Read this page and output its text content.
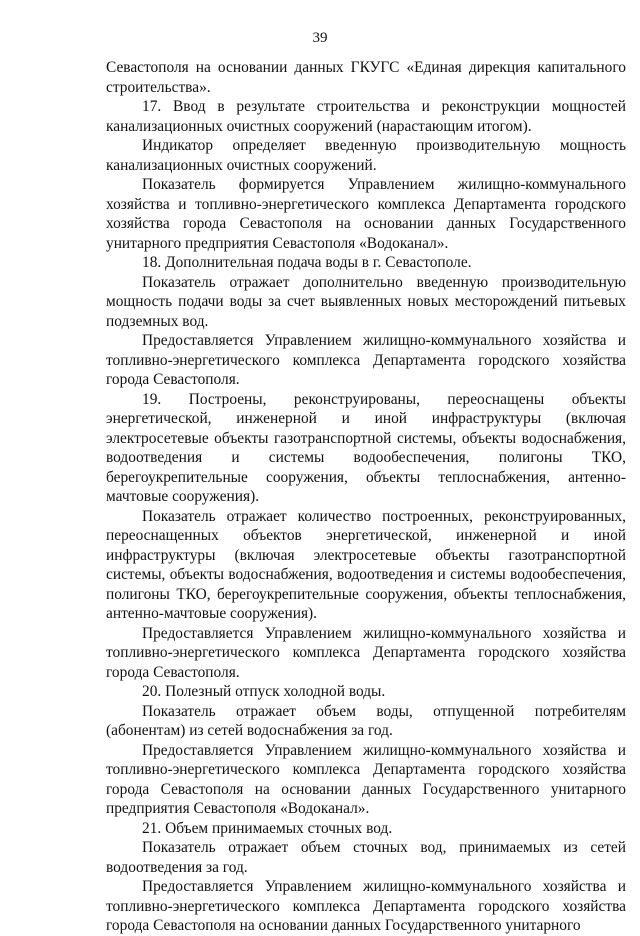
39

Севастополя на основании данных ГКУГС «Единая дирекция капитального строительства».

17. Ввод в результате строительства и реконструкции мощностей канализационных очистных сооружений (нарастающим итогом).

Индикатор определяет введенную производительную мощность канализационных очистных сооружений.

Показатель формируется Управлением жилищно-коммунального хозяйства и топливно-энергетического комплекса Департамента городского хозяйства города Севастополя на основании данных Государственного унитарного предприятия Севастополя «Водоканал».

18. Дополнительная подача воды в г. Севастополе.

Показатель отражает дополнительно введенную производительную мощность подачи воды за счет выявленных новых месторождений питьевых подземных вод.

Предоставляется Управлением жилищно-коммунального хозяйства и топливно-энергетического комплекса Департамента городского хозяйства города Севастополя.

19. Построены, реконструированы, переоснащены объекты энергетической, инженерной и иной инфраструктуры (включая электросетевые объекты газотранспортной системы, объекты водоснабжения, водоотведения и системы водообеспечения, полигоны ТКО, берегоукрепительные сооружения, объекты теплоснабжения, антенно-мачтовые сооружения).

Показатель отражает количество построенных, реконструированных, переоснащенных объектов энергетической, инженерной и иной инфраструктуры (включая электросетевые объекты газотранспортной системы, объекты водоснабжения, водоотведения и системы водообеспечения, полигоны ТКО, берегоукрепительные сооружения, объекты теплоснабжения, антенно-мачтовые сооружения).

Предоставляется Управлением жилищно-коммунального хозяйства и топливно-энергетического комплекса Департамента городского хозяйства города Севастополя.

20. Полезный отпуск холодной воды.

Показатель отражает объем воды, отпущенной потребителям (абонентам) из сетей водоснабжения за год.

Предоставляется Управлением жилищно-коммунального хозяйства и топливно-энергетического комплекса Департамента городского хозяйства города Севастополя на основании данных Государственного унитарного предприятия Севастополя «Водоканал».

21. Объем принимаемых сточных вод.

Показатель отражает объем сточных вод, принимаемых из сетей водоотведения за год.

Предоставляется Управлением жилищно-коммунального хозяйства и топливно-энергетического комплекса Департамента городского хозяйства города Севастополя на основании данных Государственного унитарного
